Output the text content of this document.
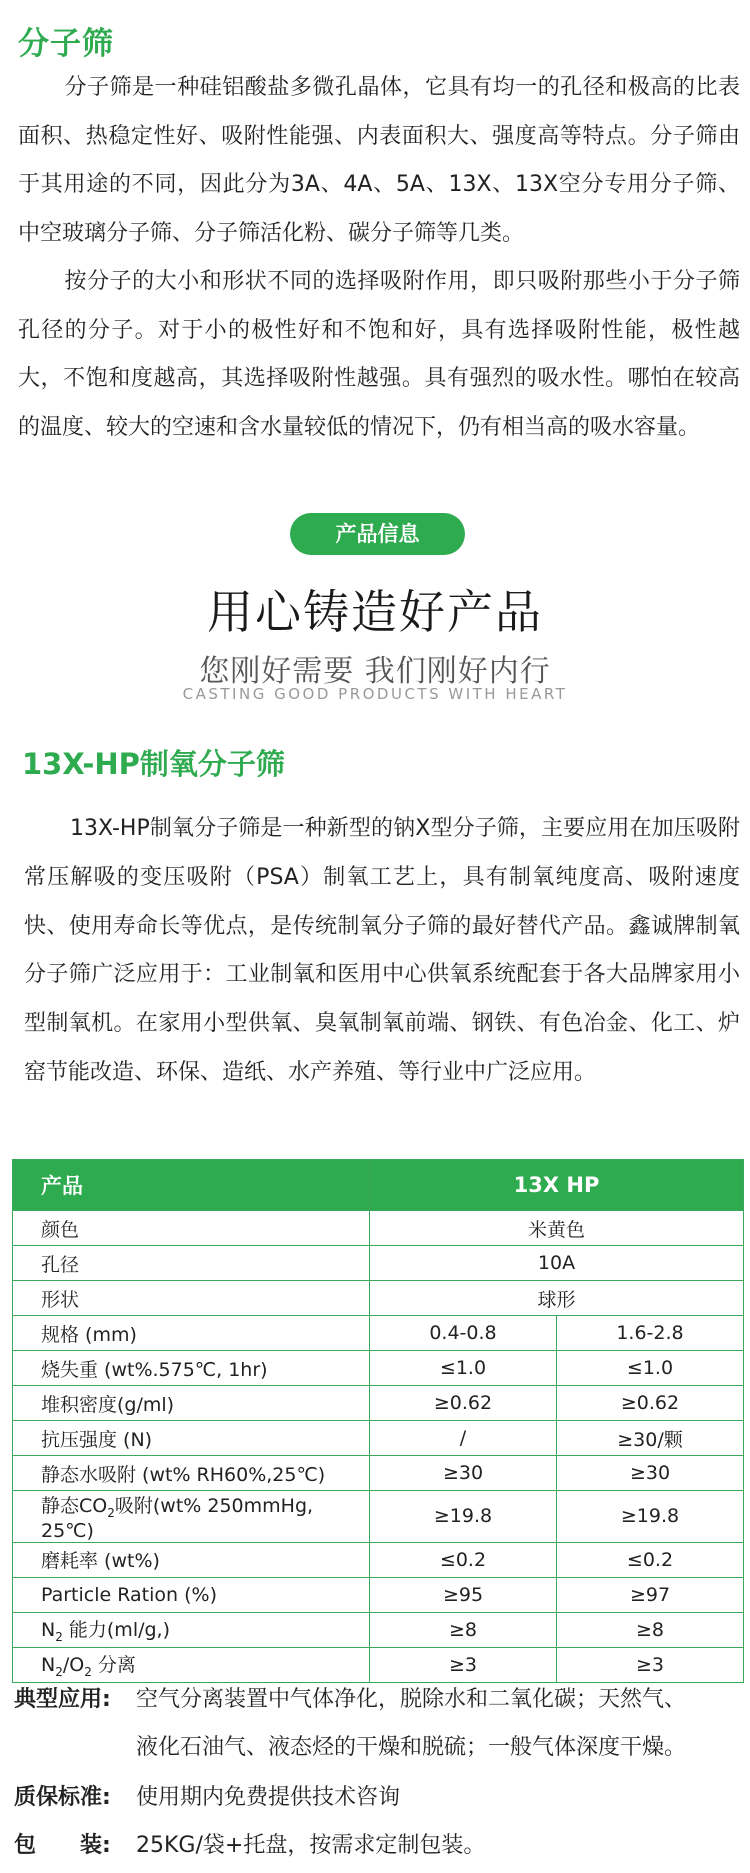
分子筛
分子筛是一种硅铝酸盐多微孔晶体，它具有均一的孔径和极高的比表面积、热稳定性好、吸附性能强、内表面积大、强度高等特点。分子筛由于其用途的不同，因此分为3A、4A、5A、13X、13X空分专用分子筛、中空玻璃分子筛、分子筛活化粉、碳分子筛等几类。
按分子的大小和形状不同的选择吸附作用，即只吸附那些小于分子筛孔径的分子。对于小的极性好和不饱和好，具有选择吸附性能，极性越大，不饱和度越高，其选择吸附性越强。具有强烈的吸水性。哪怕在较高的温度、较大的空速和含水量较低的情况下，仍有相当高的吸水容量。
产品信息
用心铸造好产品
您刚好需要 我们刚好内行
CASTING GOOD PRODUCTS WITH HEART
13X-HP制氧分子筛
13X-HP制氧分子筛是一种新型的钠X型分子筛，主要应用在加压吸附常压解吸的变压吸附（PSA）制氧工艺上，具有制氧纯度高、吸附速度快、使用寿命长等优点，是传统制氧分子筛的最好替代产品。鑫诚牌制氧分子筛广泛应用于：工业制氧和医用中心供氧系统配套于各大品牌家用小型制氧机。在家用小型供氧、臭氧制氧前端、钢铁、有色冶金、化工、炉窑节能改造、环保、造纸、水产养殖、等行业中广泛应用。
产品	13X HP	
颜色	米黄色	
孔径	10A	
形状	球形	
规格 (mm)	0.4-0.8	1.6-2.8
烧失重 (wt%.575℃, 1hr)	≤1.0	≤1.0
堆积密度(g/ml)	≥0.62	≥0.62
抗压强度 (N)	/	≥30/颗
静态水吸附 (wt% RH60%,25℃)	≥30	≥30
静态$CO_2$吸附(wt% 250mmHg, 25℃)	≥19.8	≥19.8
磨耗率 (wt%)	≤0.2	≤0.2
Particle Ration (%)	≥95	≥97
$N_2$ 能力(ml/g,)	≥8	≥8
$N_2/O_2$ 分离	≥3	≥3
典型应用: 空气分离装置中气体净化，脱除水和二氧化碳；天然气、
液化石油气、液态烃的干燥和脱硫；一般气体深度干燥。
质保标准: 使用期内免费提供技术咨询
包　　装: 25KG/袋+托盘，按需求定制包装。
